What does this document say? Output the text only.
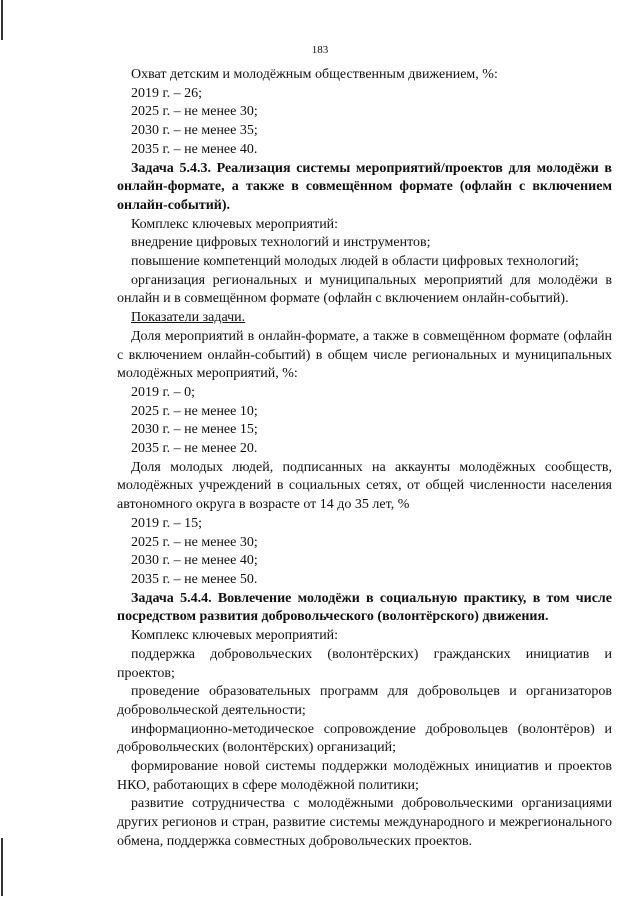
183

Охват детским и молодёжным общественным движением, %:

2019 г. – 26;

2025 г. – не менее 30;

2030 г. – не менее 35;

2035 г. – не менее 40.

Задача 5.4.3. Реализация системы мероприятий/проектов для молодёжи в онлайн-формате, а также в совмещённом формате (офлайн с включением онлайн-событий).

Комплекс ключевых мероприятий:

внедрение цифровых технологий и инструментов;

повышение компетенций молодых людей в области цифровых технологий;

организация региональных и муниципальных мероприятий для молодёжи в онлайн и в совмещённом формате (офлайн с включением онлайн-событий).

Показатели задачи.

Доля мероприятий в онлайн-формате, а также в совмещённом формате (офлайн с включением онлайн-событий) в общем числе региональных и муниципальных молодёжных мероприятий, %:

2019 г. – 0;

2025 г. – не менее 10;

2030 г. – не менее 15;

2035 г. – не менее 20.

Доля молодых людей, подписанных на аккаунты молодёжных сообществ, молодёжных учреждений в социальных сетях, от общей численности населения автономного округа в возрасте от 14 до 35 лет, %

2019 г. – 15;

2025 г. – не менее 30;

2030 г. – не менее 40;

2035 г. – не менее 50.

Задача 5.4.4. Вовлечение молодёжи в социальную практику, в том числе посредством развития добровольческого (волонтёрского) движения.

Комплекс ключевых мероприятий:

поддержка добровольческих (волонтёрских) гражданских инициатив и проектов;

проведение образовательных программ для добровольцев и организаторов добровольческой деятельности;

информационно-методическое сопровождение добровольцев (волонтёров) и добровольческих (волонтёрских) организаций;

формирование новой системы поддержки молодёжных инициатив и проектов НКО, работающих в сфере молодёжной политики;

развитие сотрудничества с молодёжными добровольческими организациями других регионов и стран, развитие системы международного и межрегионального обмена, поддержка совместных добровольческих проектов.
